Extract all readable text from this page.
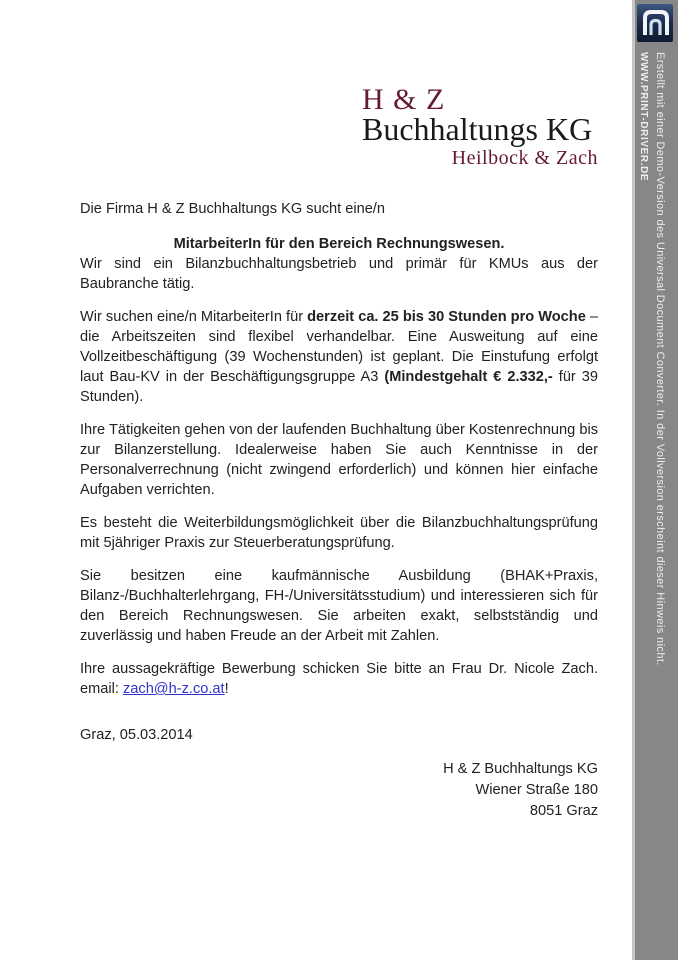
H & Z
Buchhaltungs KG
Heilbock & Zach

Die Firma H & Z Buchhaltungs KG sucht eine/n

MitarbeiterIn für den Bereich Rechnungswesen.

Wir sind ein Bilanzbuchhaltungsbetrieb und primär für KMUs aus der Baubranche tätig.

Wir suchen eine/n MitarbeiterIn für derzeit ca. 25 bis 30 Stunden pro Woche – die Arbeitszeiten sind flexibel verhandelbar. Eine Ausweitung auf eine Vollzeitbeschäftigung (39 Wochenstunden) ist geplant. Die Einstufung erfolgt laut Bau-KV in der Beschäftigungsgruppe A3 (Mindestgehalt € 2.332,- für 39 Stunden).

Ihre Tätigkeiten gehen von der laufenden Buchhaltung über Kostenrechnung bis zur Bilanzerstellung. Idealerweise haben Sie auch Kenntnisse in der Personalverrechnung (nicht zwingend erforderlich) und können hier einfache Aufgaben verrichten.

Es besteht die Weiterbildungsmöglichkeit über die Bilanzbuchhaltungsprüfung mit 5jähriger Praxis zur Steuerberatungsprüfung.

Sie besitzen eine kaufmännische Ausbildung (BHAK+Praxis, Bilanz-/Buchhalterlehrgang, FH-/Universitätsstudium) und interessieren sich für den Bereich Rechnungswesen. Sie arbeiten exakt, selbstständig und zuverlässig und haben Freude an der Arbeit mit Zahlen.

Ihre aussagekräftige Bewerbung schicken Sie bitte an Frau Dr. Nicole Zach.

email: zach@h-z.co.at!

Graz, 05.03.2014

H & Z Buchhaltungs KG
Wiener Straße 180
8051 Graz
Erstellt mit einer Demo-Version des Universal Document Converter. In der Vollversion erscheint dieser Hinweis nicht.
WWW.PRINT-DRIVER.DE
